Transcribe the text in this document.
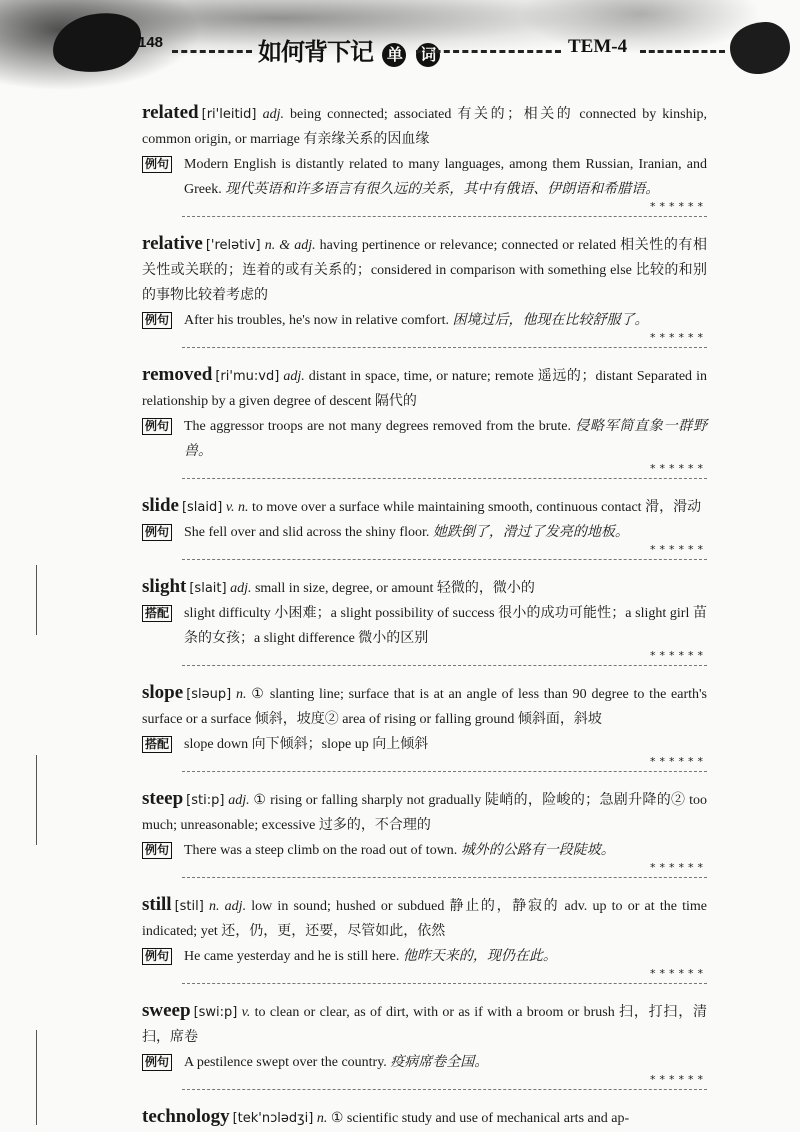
148	如何背下记 单 词	TEM-4
related [ri'leitid] adj. being connected; associated 有关的；相关的 connected by kinship, common origin, or marriage 有亲缘关系的因血缘
例句 Modern English is distantly related to many languages, among them Russian, Iranian, and Greek. 现代英语和许多语言有很久远的关系，其中有俄语、伊朗语和希腊语。
******
relative ['relətiv] n. & adj. having pertinence or relevance; connected or related 相关性的有相关性或关联的；连着的或有关系的；considered in comparison with something else 比较的和别的事物比较着考虑的
例句 After his troubles, he's now in relative comfort. 困境过后，他现在比较舒服了。
******
removed [ri'mu:vd] adj. distant in space, time, or nature; remote 遥远的；distant Separated in relationship by a given degree of descent 隔代的
例句 The aggressor troops are not many degrees removed from the brute. 侵略军简直象一群野兽。
******
slide [slaid] v. n. to move over a surface while maintaining smooth, continuous contact 滑，滑动
例句 She fell over and slid across the shiny floor. 她跌倒了，滑过了发亮的地板。
******
slight [slait] adj. small in size, degree, or amount 轻微的，微小的
搭配 slight difficulty 小困难；a slight possibility of success 很小的成功可能性；a slight girl 苗条的女孩；a slight difference 微小的区别
******
slope [sləup] n. ① slanting line; surface that is at an angle of less than 90 degree to the earth's surface or a surface 倾斜，坡度② area of rising or falling ground 倾斜面，斜坡
搭配 slope down 向下倾斜；slope up 向上倾斜
******
steep [sti:p] adj. ① rising or falling sharply not gradually 陡峭的，险峻的；急剧升降的② too much; unreasonable; excessive 过多的，不合理的
例句 There was a steep climb on the road out of town. 城外的公路有一段陡坡。
******
still [stil] n. adj. low in sound; hushed or subdued 静止的，静寂的 adv. up to or at the time indicated; yet 还，仍，更，还要，尽管如此，依然
例句 He came yesterday and he is still here. 他昨天来的，现仍在此。
******
sweep [swi:p] v. to clean or clear, as of dirt, with or as if with a broom or brush 扫，打扫，清扫，席卷
例句 A pestilence swept over the country. 疫病席卷全国。
******
technology [tek'nɔlədʒi] n. ① scientific study and use of mechanical arts and ap-
